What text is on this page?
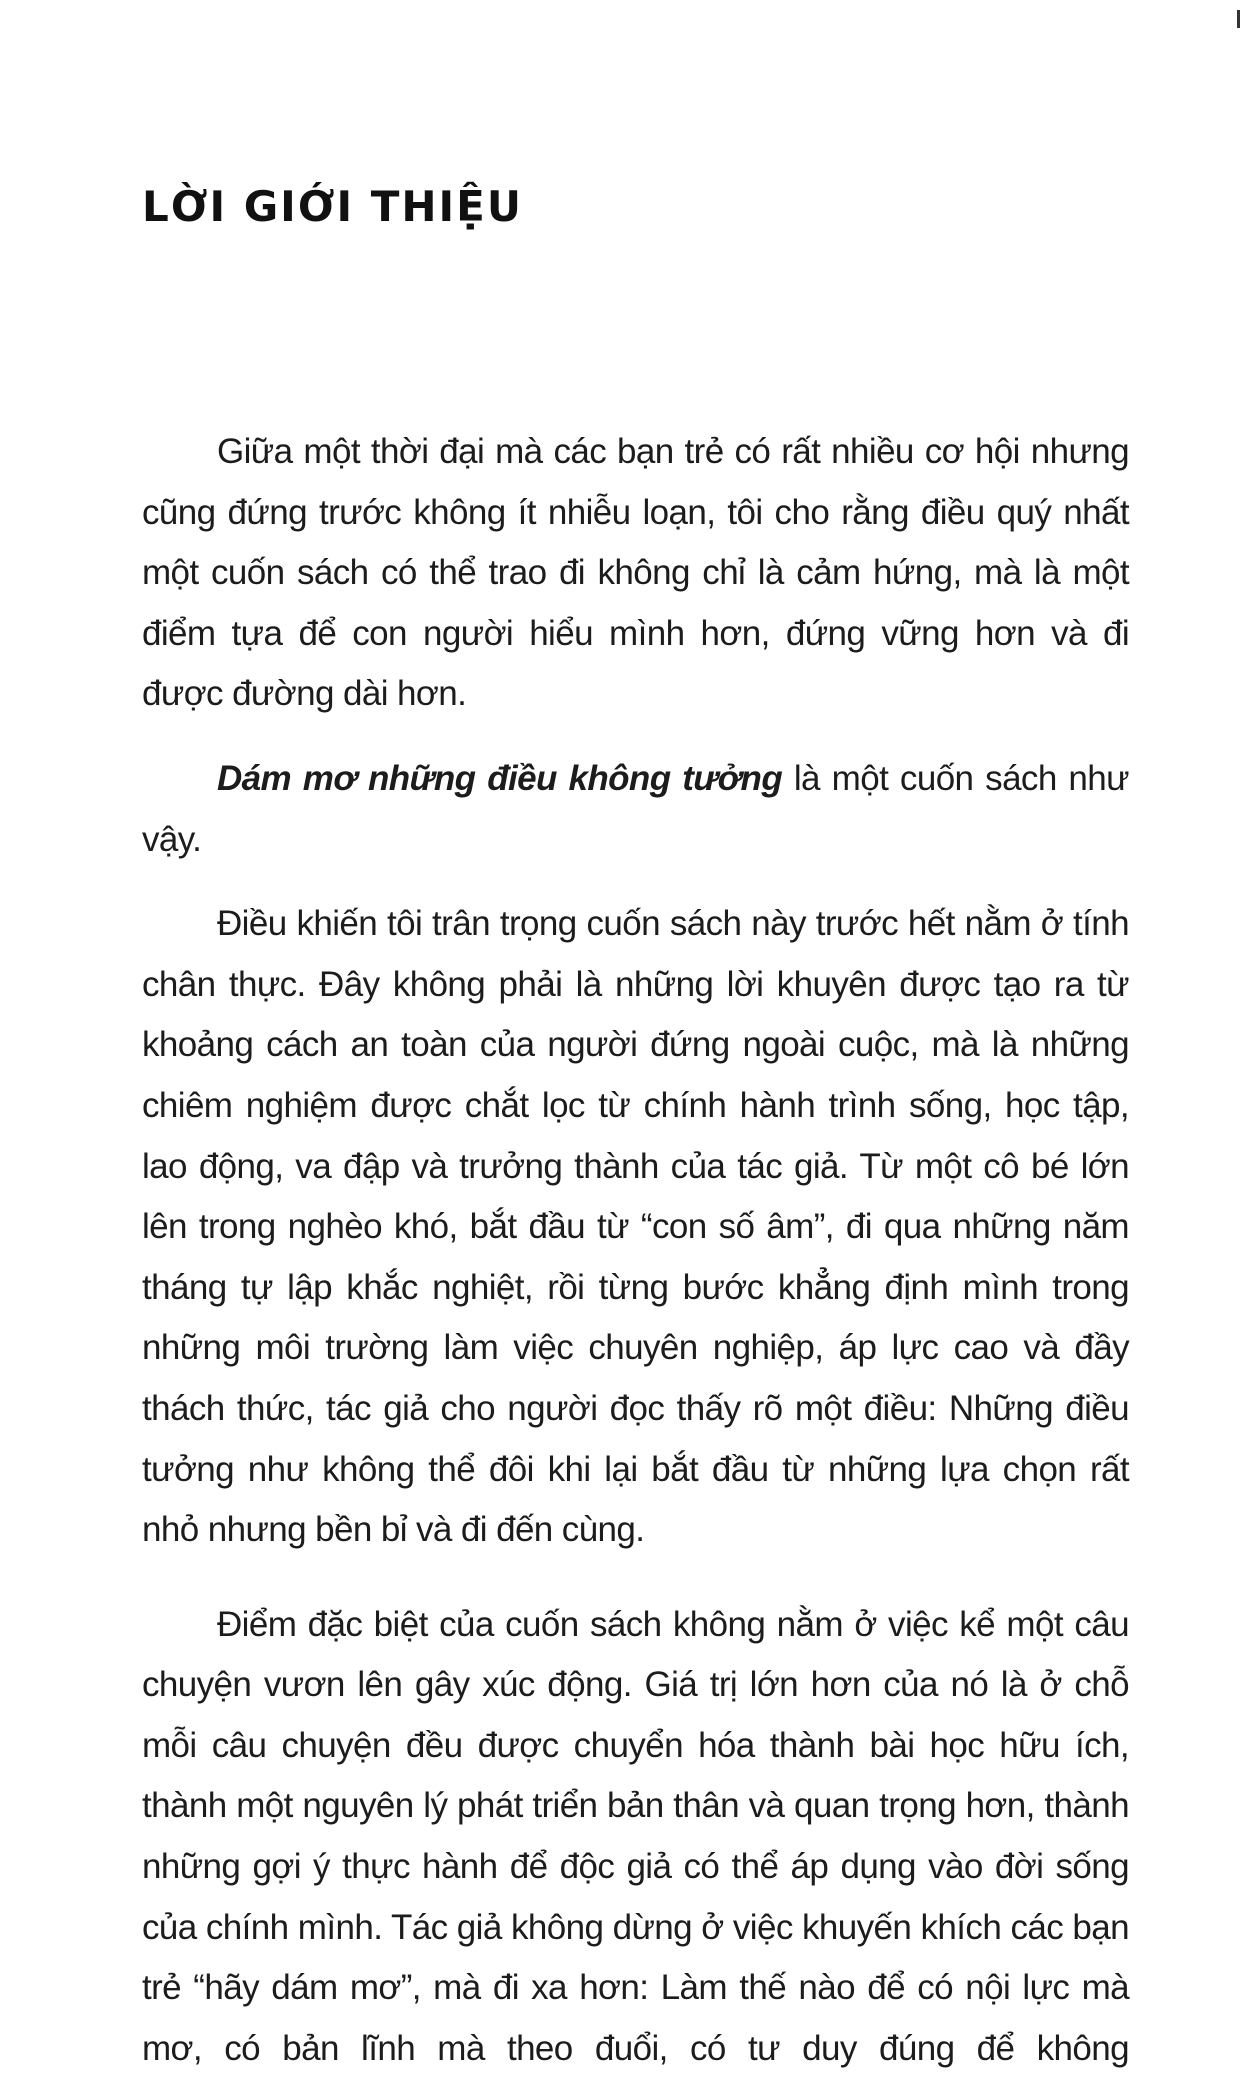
LỜI GIỚI THIỆU

Giữa một thời đại mà các bạn trẻ có rất nhiều cơ hội nhưng cũng đứng trước không ít nhiễu loạn, tôi cho rằng điều quý nhất một cuốn sách có thể trao đi không chỉ là cảm hứng, mà là một điểm tựa để con người hiểu mình hơn, đứng vững hơn và đi được đường dài hơn.

Dám mơ những điều không tưởng là một cuốn sách như vậy.

Điều khiến tôi trân trọng cuốn sách này trước hết nằm ở tính chân thực. Đây không phải là những lời khuyên được tạo ra từ khoảng cách an toàn của người đứng ngoài cuộc, mà là những chiêm nghiệm được chắt lọc từ chính hành trình sống, học tập, lao động, va đập và trưởng thành của tác giả. Từ một cô bé lớn lên trong nghèo khó, bắt đầu từ “con số âm”, đi qua những năm tháng tự lập khắc nghiệt, rồi từng bước khẳng định mình trong những môi trường làm việc chuyên nghiệp, áp lực cao và đầy thách thức, tác giả cho người đọc thấy rõ một điều: Những điều tưởng như không thể đôi khi lại bắt đầu từ những lựa chọn rất nhỏ nhưng bền bỉ và đi đến cùng.

Điểm đặc biệt của cuốn sách không nằm ở việc kể một câu chuyện vươn lên gây xúc động. Giá trị lớn hơn của nó là ở chỗ mỗi câu chuyện đều được chuyển hóa thành bài học hữu ích, thành một nguyên lý phát triển bản thân và quan trọng hơn, thành những gợi ý thực hành để độc giả có thể áp dụng vào đời sống của chính mình. Tác giả không dừng ở việc khuyến khích các bạn trẻ “hãy dám mơ”, mà đi xa hơn: Làm thế nào để có nội lực mà mơ, có bản lĩnh mà theo đuổi, có tư duy đúng để không
